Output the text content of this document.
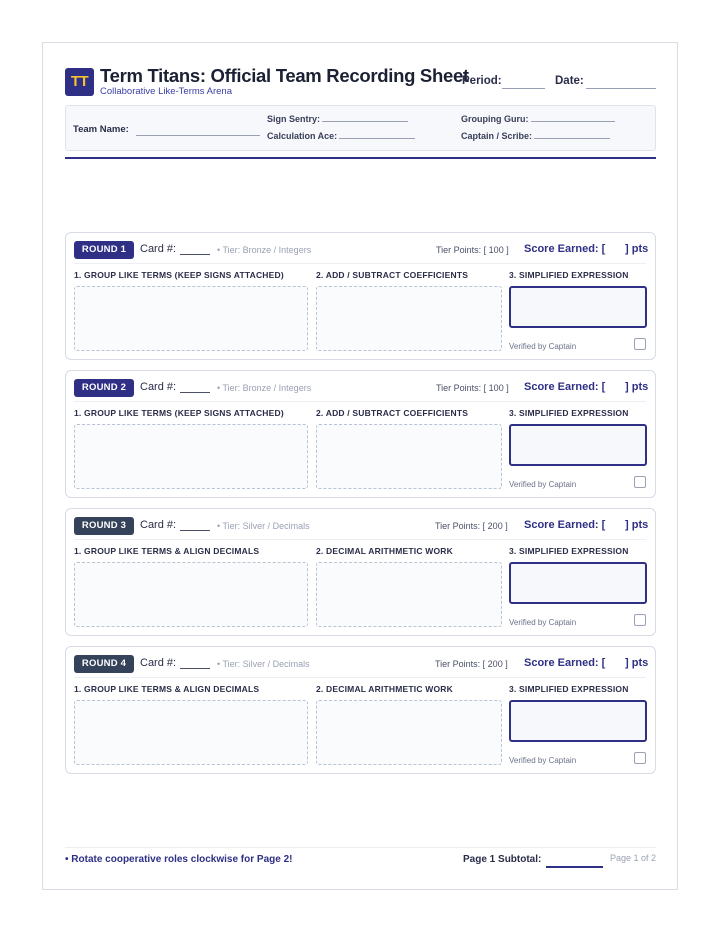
TT Term Titans: Official Team Recording Sheet
Collaborative Like-Terms Arena
Period:	Date:
Team Name:
Sign Sentry:
Calculation Ace:
Grouping Guru:
Captain / Scribe:
ROUND 1	Card #:	• Tier: Bronze / Integers	Tier Points: [ 100 ] Score Earned: [ ] pts
1. GROUP LIKE TERMS (KEEP SIGNS ATTACHED)	2. ADD / SUBTRACT COEFFICIENTS	3. SIMPLIFIED EXPRESSION
Verified by Captain
ROUND 2	Card #:	• Tier: Bronze / Integers	Tier Points: [ 100 ] Score Earned: [ ] pts
1. GROUP LIKE TERMS (KEEP SIGNS ATTACHED)	2. ADD / SUBTRACT COEFFICIENTS	3. SIMPLIFIED EXPRESSION
Verified by Captain
ROUND 3	Card #:	• Tier: Silver / Decimals	Tier Points: [ 200 ] Score Earned: [ ] pts
1. GROUP LIKE TERMS & ALIGN DECIMALS	2. DECIMAL ARITHMETIC WORK	3. SIMPLIFIED EXPRESSION
Verified by Captain
ROUND 4	Card #:	• Tier: Silver / Decimals	Tier Points: [ 200 ] Score Earned: [ ] pts
1. GROUP LIKE TERMS & ALIGN DECIMALS	2. DECIMAL ARITHMETIC WORK	3. SIMPLIFIED EXPRESSION
Verified by Captain
• Rotate cooperative roles clockwise for Page 2!	Page 1 Subtotal:	Page 1 of 2
